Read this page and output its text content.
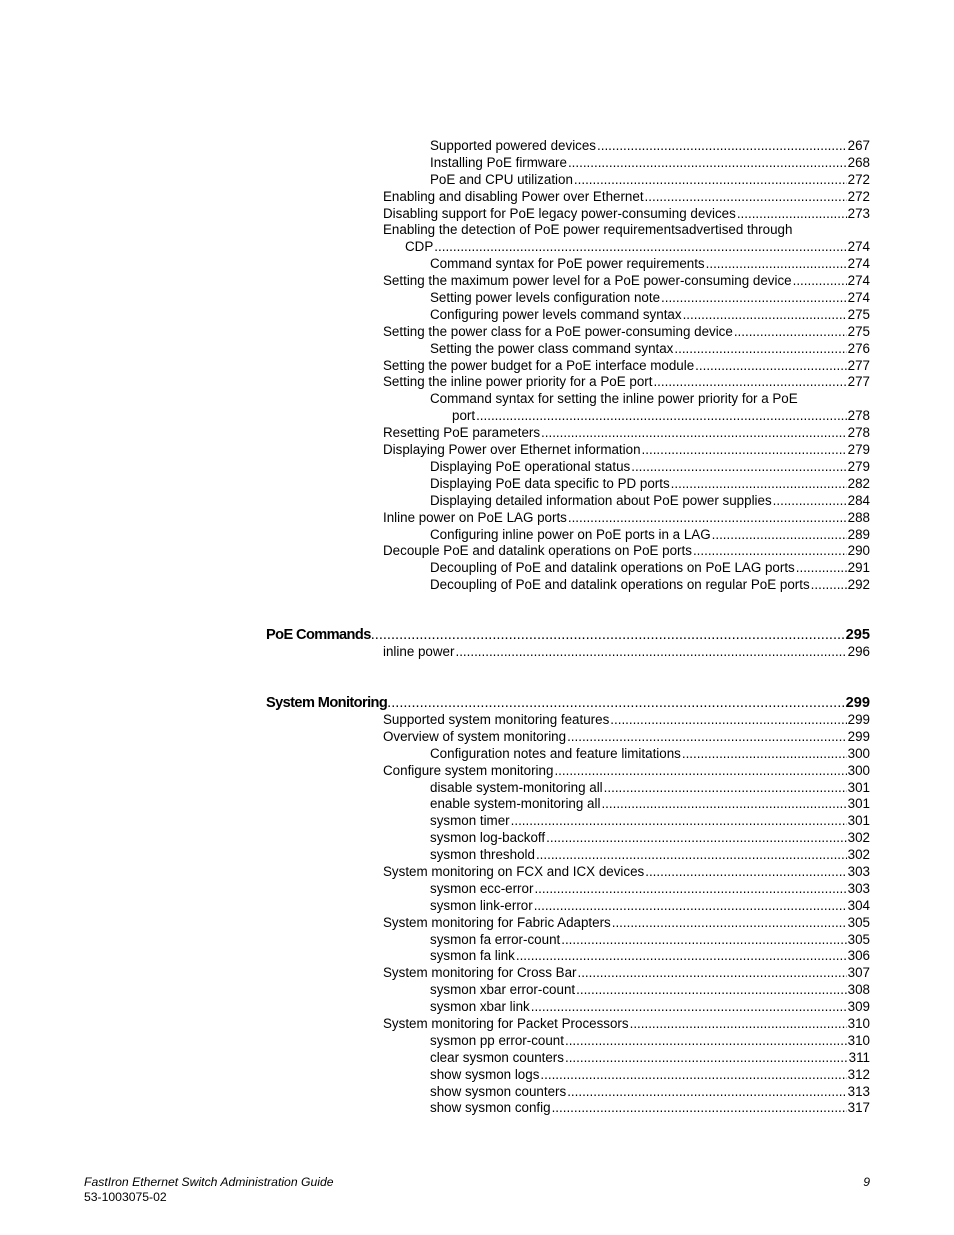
Supported powered devices .....	267
Installing PoE firmware .....	268
PoE and CPU utilization .....	272
Enabling and disabling Power over Ethernet .....	272
Disabling support for PoE legacy power-consuming devices .....	273
Enabling the detection of PoE power requirementsadvertised through
CDP .....	274
Command syntax for PoE power requirements .....	274
Setting the maximum power level for a PoE power-consuming device .....	274
Setting power levels configuration note .....	274
Configuring power levels command syntax .....	275
Setting the power class for a PoE power-consuming device .....	275
Setting the power class command syntax .....	276
Setting the power budget for a PoE interface module .....	277
Setting the inline power priority for a PoE port .....	277
Command syntax for setting the inline power priority for a PoE
port .....	278
Resetting PoE parameters .....	278
Displaying Power over Ethernet information .....	279
Displaying PoE operational status .....	279
Displaying PoE data specific to PD ports .....	282
Displaying detailed information about PoE power supplies .....	284
Inline power on PoE LAG ports .....	288
Configuring inline power on PoE ports in a LAG .....	289
Decouple PoE and datalink operations on PoE ports .....	290
Decoupling of PoE and datalink operations on PoE LAG ports .....	291
Decoupling of PoE and datalink operations on regular PoE ports .....	292
PoE Commands .....	295
inline power .....	296
System Monitoring .....	299
Supported system monitoring features .....	299
Overview of system monitoring .....	299
Configuration notes and feature limitations .....	300
Configure system monitoring .....	300
disable system-monitoring all .....	301
enable system-monitoring all .....	301
sysmon timer .....	301
sysmon log-backoff .....	302
sysmon threshold .....	302
System monitoring on FCX and ICX devices .....	303
sysmon ecc-error .....	303
sysmon link-error .....	304
System monitoring for Fabric Adapters .....	305
sysmon fa error-count .....	305
sysmon fa link .....	306
System monitoring for Cross Bar .....	307
sysmon xbar error-count .....	308
sysmon xbar link .....	309
System monitoring for Packet Processors .....	310
sysmon pp error-count .....	310
clear sysmon counters .....	311
show sysmon logs .....	312
show sysmon counters .....	313
show sysmon config .....	317
FastIron Ethernet Switch Administration Guide	9
53-1003075-02
